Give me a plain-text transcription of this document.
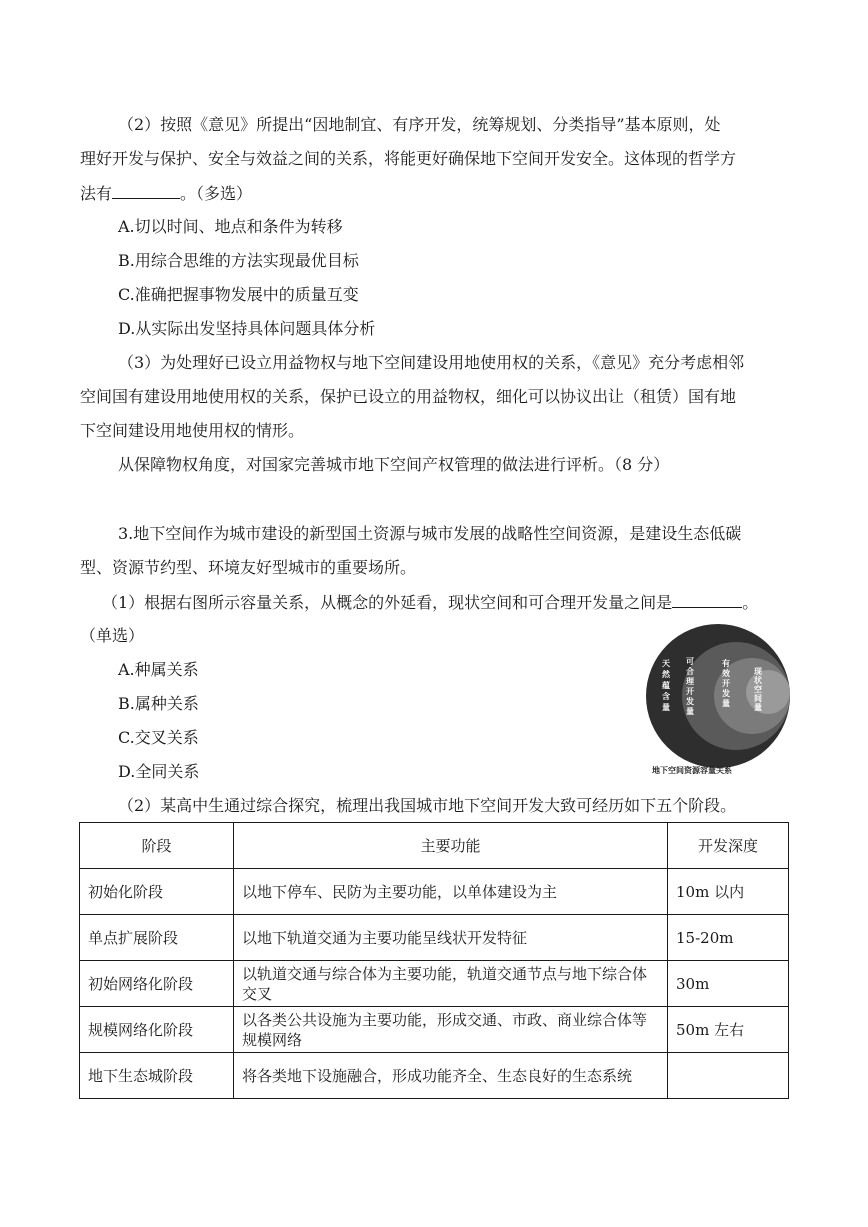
（2）按照《意见》所提出“因地制宜、有序开发，统筹规划、分类指导”基本原则，处
理好开发与保护、安全与效益之间的关系，将能更好确保地下空间开发安全。这体现的哲学方
法有	。（多选）
A.切以时间、地点和条件为转移
B.用综合思维的方法实现最优目标
C.准确把握事物发展中的质量互变
D.从实际出发坚持具体问题具体分析
（3）为处理好已设立用益物权与地下空间建设用地使用权的关系，《意见》充分考虑相邻
空间国有建设用地使用权的关系，保护已设立的用益物权，细化可以协议出让（租赁）国有地
下空间建设用地使用权的情形。
从保障物权角度，对国家完善城市地下空间产权管理的做法进行评析。（8 分）
3.地下空间作为城市建设的新型国土资源与城市发展的战略性空间资源，是建设生态低碳
型、资源节约型、环境友好型城市的重要场所。
（1）根据右图所示容量关系，从概念的外延看，现状空间和可合理开发量之间是	。
（单选）
A.种属关系
B.属种关系
C.交叉关系
D.全同关系
天然蕴含量
可合理开发量
有效开发量
现状空间量
地下空间资源容量关系
（2）某高中生通过综合探究，梳理出我国城市地下空间开发大致可经历如下五个阶段。
阶段	主要功能	开发深度
初始化阶段	以地下停车、民防为主要功能，以单体建设为主	10m 以内
单点扩展阶段	以地下轨道交通为主要功能呈线状开发特征	15-20m
初始网络化阶段	以轨道交通与综合体为主要功能，轨道交通节点与地下综合体交叉	30m
规模网络化阶段	以各类公共设施为主要功能，形成交通、市政、商业综合体等规模网络	50m 左右
地下生态城阶段	将各类地下设施融合，形成功能齐全、生态良好的生态系统	
